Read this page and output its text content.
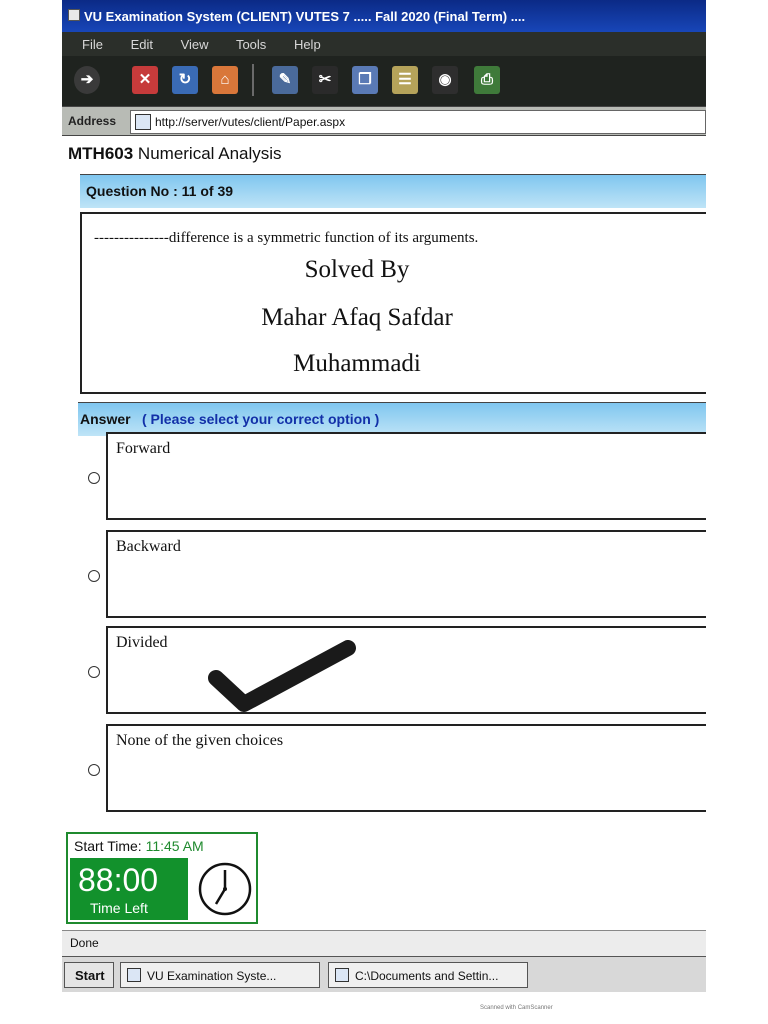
VU Examination System (CLIENT) VUTES 7 ..... Fall 2020 (Final Term) ....
File Edit View Tools Help
➔	✕	↻	⌂	✎	✂	❐	☰	◉	⎙
Address	http://server/vutes/client/Paper.aspx
MTH603 Numerical Analysis
Question No : 11 of 39
---------------difference is a symmetric function of its arguments.
Solved By
Mahar Afaq Safdar
Muhammadi
Answer ( Please select your correct option )
Forward
Backward
Divided
None of the given choices
Start Time: 11:45 AM
88:00
Time Left
Done
Start	VU Examination Syste...	C:\Documents and Settin...
Scanned with CamScanner
